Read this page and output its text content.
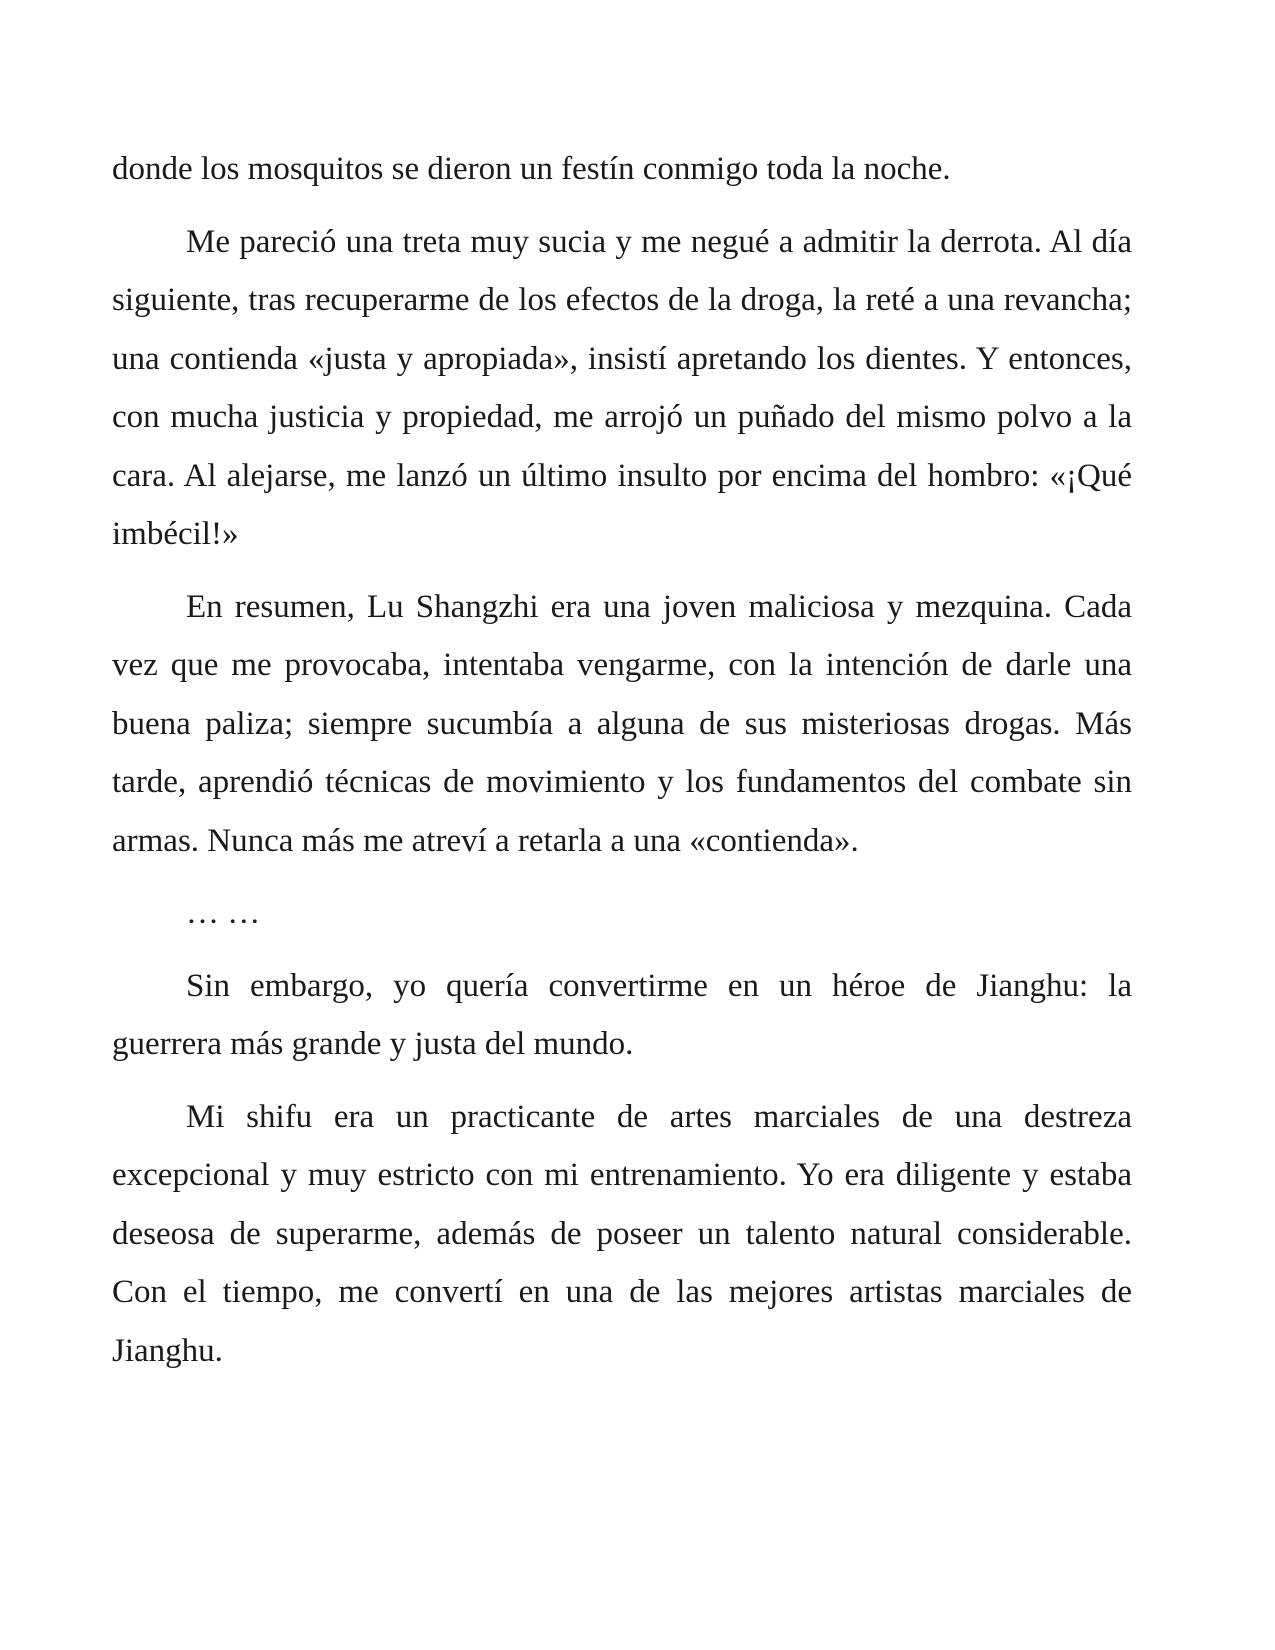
donde los mosquitos se dieron un festín conmigo toda la noche.

Me pareció una treta muy sucia y me negué a admitir la derrota. Al día siguiente, tras recuperarme de los efectos de la droga, la reté a una revancha; una contienda «justa y apropiada», insistí apretando los dientes. Y entonces, con mucha justicia y propiedad, me arrojó un puñado del mismo polvo a la cara. Al alejarse, me lanzó un último insulto por encima del hombro: «¡Qué imbécil!»

En resumen, Lu Shangzhi era una joven maliciosa y mezquina. Cada vez que me provocaba, intentaba vengarme, con la intención de darle una buena paliza; siempre sucumbía a alguna de sus misteriosas drogas. Más tarde, aprendió técnicas de movimiento y los fundamentos del combate sin armas. Nunca más me atreví a retarla a una «contienda».

… …

Sin embargo, yo quería convertirme en un héroe de Jianghu: la guerrera más grande y justa del mundo.

Mi shifu era un practicante de artes marciales de una destreza excepcional y muy estricto con mi entrenamiento. Yo era diligente y estaba deseosa de superarme, además de poseer un talento natural considerable. Con el tiempo, me convertí en una de las mejores artistas marciales de Jianghu.
